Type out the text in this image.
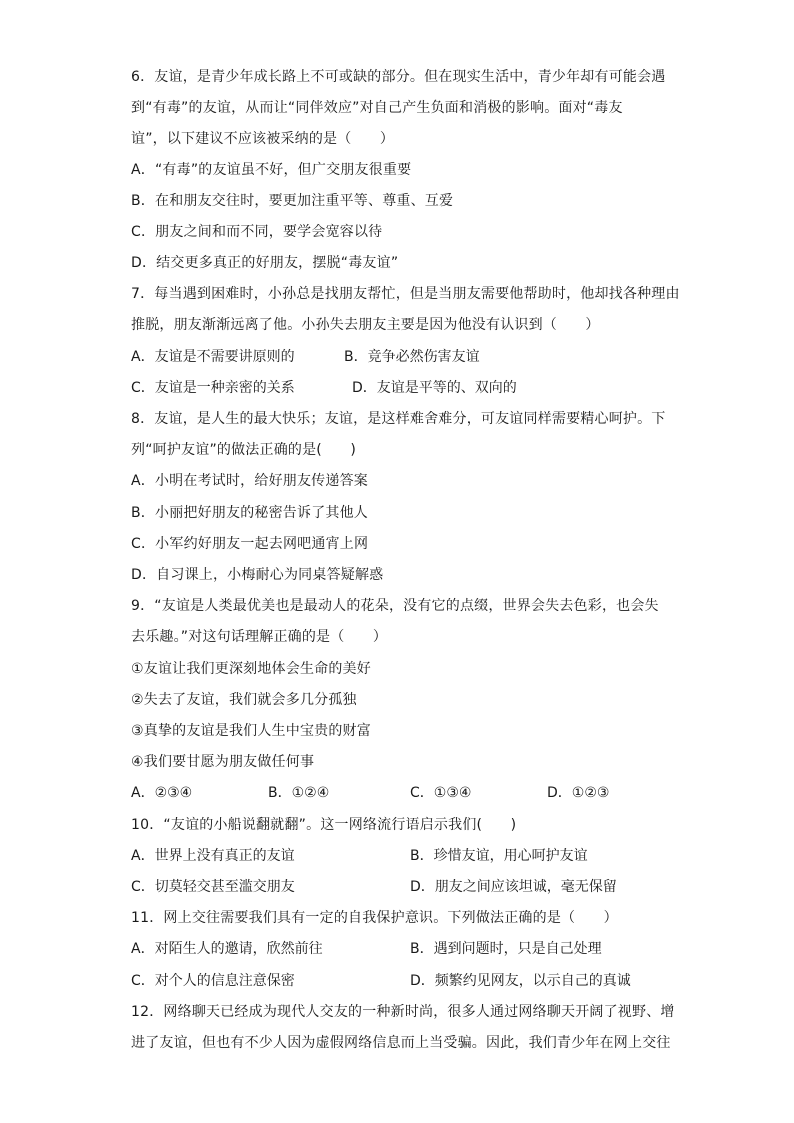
6．友谊，是青少年成长路上不可或缺的部分。但在现实生活中，青少年却有可能会遇
到“有毒”的友谊，从而让“同伴效应”对自己产生负面和消极的影响。面对“毒友
谊”，以下建议不应该被采纳的是（　　）
A．“有毒”的友谊虽不好，但广交朋友很重要
B．在和朋友交往时，要更加注重平等、尊重、互爱
C．朋友之间和而不同，要学会宽容以待
D．结交更多真正的好朋友，摆脱“毒友谊”
7．每当遇到困难时，小孙总是找朋友帮忙，但是当朋友需要他帮助时，他却找各种理由
推脱，朋友渐渐远离了他。小孙失去朋友主要是因为他没有认识到（　　）
A．友谊是不需要讲原则的	B．竞争必然伤害友谊
C．友谊是一种亲密的关系	D．友谊是平等的、双向的
8．友谊，是人生的最大快乐；友谊，是这样难舍难分，可友谊同样需要精心呵护。下
列“呵护友谊”的做法正确的是(　　)
A．小明在考试时，给好朋友传递答案
B．小丽把好朋友的秘密告诉了其他人
C．小军约好朋友一起去网吧通宵上网
D．自习课上，小梅耐心为同桌答疑解惑
9．“友谊是人类最优美也是最动人的花朵，没有它的点缀，世界会失去色彩，也会失
去乐趣。”对这句话理解正确的是（　　）
①友谊让我们更深刻地体会生命的美好
②失去了友谊，我们就会多几分孤独
③真挚的友谊是我们人生中宝贵的财富
④我们要甘愿为朋友做任何事
A．②③④	B．①②④	C．①③④	D．①②③
10．“友谊的小船说翻就翻”。这一网络流行语启示我们(　　)
A．世界上没有真正的友谊	B．珍惜友谊，用心呵护友谊
C．切莫轻交甚至滥交朋友	D．朋友之间应该坦诚，毫无保留
11．网上交往需要我们具有一定的自我保护意识。下列做法正确的是（　　）
A．对陌生人的邀请，欣然前往	B．遇到问题时，只是自己处理
C．对个人的信息注意保密	D．频繁约见网友，以示自己的真诚
12．网络聊天已经成为现代人交友的一种新时尚，很多人通过网络聊天开阔了视野、增
进了友谊，但也有不少人因为虚假网络信息而上当受骗。因此，我们青少年在网上交往
